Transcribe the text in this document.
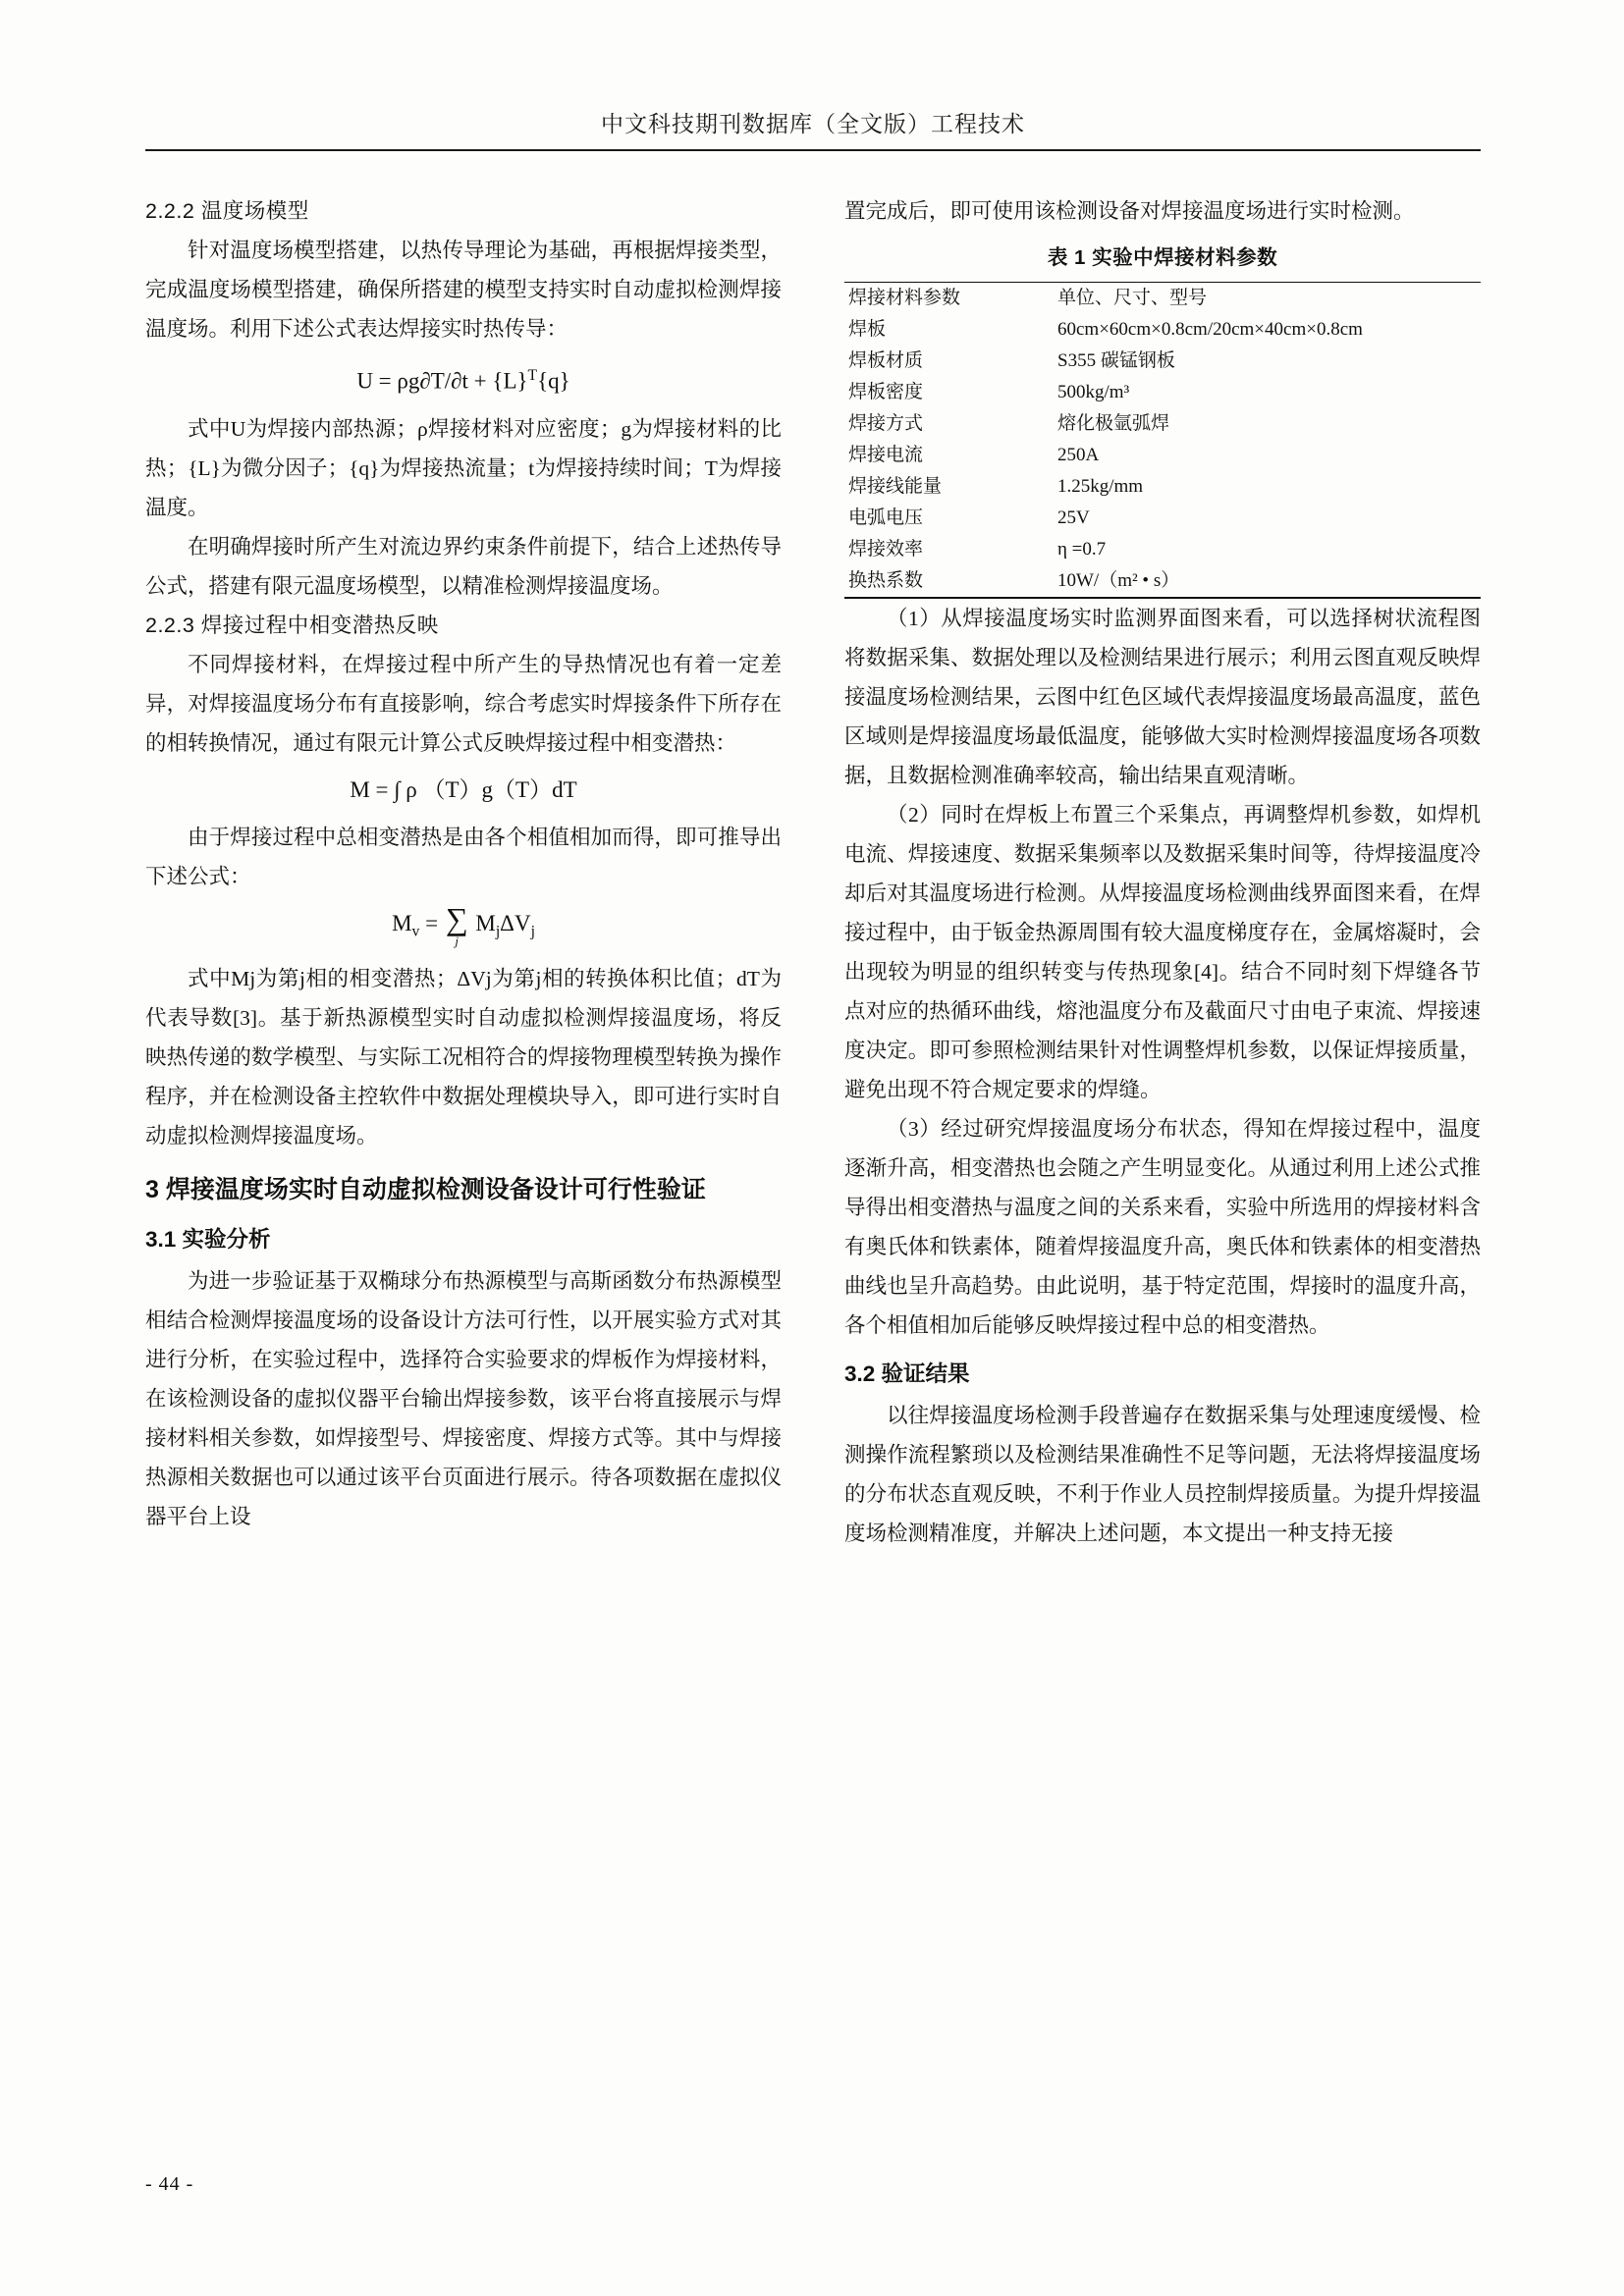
中文科技期刊数据库（全文版）工程技术
2.2.2 温度场模型

针对温度场模型搭建，以热传导理论为基础，再根据焊接类型，完成温度场模型搭建，确保所搭建的模型支持实时自动虚拟检测焊接温度场。利用下述公式表达焊接实时热传导：

$U = \rho g\partial T/\partial t + \{L\}^T\{q\}$

式中U为焊接内部热源；ρ焊接材料对应密度；g为焊接材料的比热；{L}为微分因子；{q}为焊接热流量；t为焊接持续时间；T为焊接温度。

在明确焊接时所产生对流边界约束条件前提下，结合上述热传导公式，搭建有限元温度场模型，以精准检测焊接温度场。

2.2.3 焊接过程中相变潜热反映

不同焊接材料，在焊接过程中所产生的导热情况也有着一定差异，对焊接温度场分布有直接影响，综合考虑实时焊接条件下所存在的相转换情况，通过有限元计算公式反映焊接过程中相变潜热：

M = ∫ ρ （T）g（T）dT

由于焊接过程中总相变潜热是由各个相值相加而得，即可推导出下述公式：

$M_v$ = ∑
j
$M_j\Delta V_j$

式中Mj为第j相的相变潜热；ΔVj为第j相的转换体积比值；dT为代表导数[3]。基于新热源模型实时自动虚拟检测焊接温度场，将反映热传递的数学模型、与实际工况相符合的焊接物理模型转换为操作程序，并在检测设备主控软件中数据处理模块导入，即可进行实时自动虚拟检测焊接温度场。

3 焊接温度场实时自动虚拟检测设备设计可行性验证
3.1 实验分析

为进一步验证基于双椭球分布热源模型与高斯函数分布热源模型相结合检测焊接温度场的设备设计方法可行性，以开展实验方式对其进行分析，在实验过程中，选择符合实验要求的焊板作为焊接材料，在该检测设备的虚拟仪器平台输出焊接参数，该平台将直接展示与焊接材料相关参数，如焊接型号、焊接密度、焊接方式等。其中与焊接热源相关数据也可以通过该平台页面进行展示。待各项数据在虚拟仪器平台上设

置完成后，即可使用该检测设备对焊接温度场进行实时检测。

表 1 实验中焊接材料参数
焊接材料参数	单位、尺寸、型号
焊板	60cm×60cm×0.8cm/20cm×40cm×0.8cm
焊板材质	S355 碳锰钢板
焊板密度	500kg/m³
焊接方式	熔化极氩弧焊
焊接电流	250A
焊接线能量	1.25kg/mm
电弧电压	25V
焊接效率	η =0.7
换热系数	10W/（m² • s）

（1）从焊接温度场实时监测界面图来看，可以选择树状流程图将数据采集、数据处理以及检测结果进行展示；利用云图直观反映焊接温度场检测结果，云图中红色区域代表焊接温度场最高温度，蓝色区域则是焊接温度场最低温度，能够做大实时检测焊接温度场各项数据，且数据检测准确率较高，输出结果直观清晰。

（2）同时在焊板上布置三个采集点，再调整焊机参数，如焊机电流、焊接速度、数据采集频率以及数据采集时间等，待焊接温度冷却后对其温度场进行检测。从焊接温度场检测曲线界面图来看，在焊接过程中，由于钣金热源周围有较大温度梯度存在，金属熔凝时，会出现较为明显的组织转变与传热现象[4]。结合不同时刻下焊缝各节点对应的热循环曲线，熔池温度分布及截面尺寸由电子束流、焊接速度决定。即可参照检测结果针对性调整焊机参数，以保证焊接质量，避免出现不符合规定要求的焊缝。

（3）经过研究焊接温度场分布状态，得知在焊接过程中，温度逐渐升高，相变潜热也会随之产生明显变化。从通过利用上述公式推导得出相变潜热与温度之间的关系来看，实验中所选用的焊接材料含有奥氏体和铁素体，随着焊接温度升高，奥氏体和铁素体的相变潜热曲线也呈升高趋势。由此说明，基于特定范围，焊接时的温度升高，各个相值相加后能够反映焊接过程中总的相变潜热。

3.2 验证结果

以往焊接温度场检测手段普遍存在数据采集与处理速度缓慢、检测操作流程繁琐以及检测结果准确性不足等问题，无法将焊接温度场的分布状态直观反映，不利于作业人员控制焊接质量。为提升焊接温度场检测精准度，并解决上述问题，本文提出一种支持无接

- 44 -
